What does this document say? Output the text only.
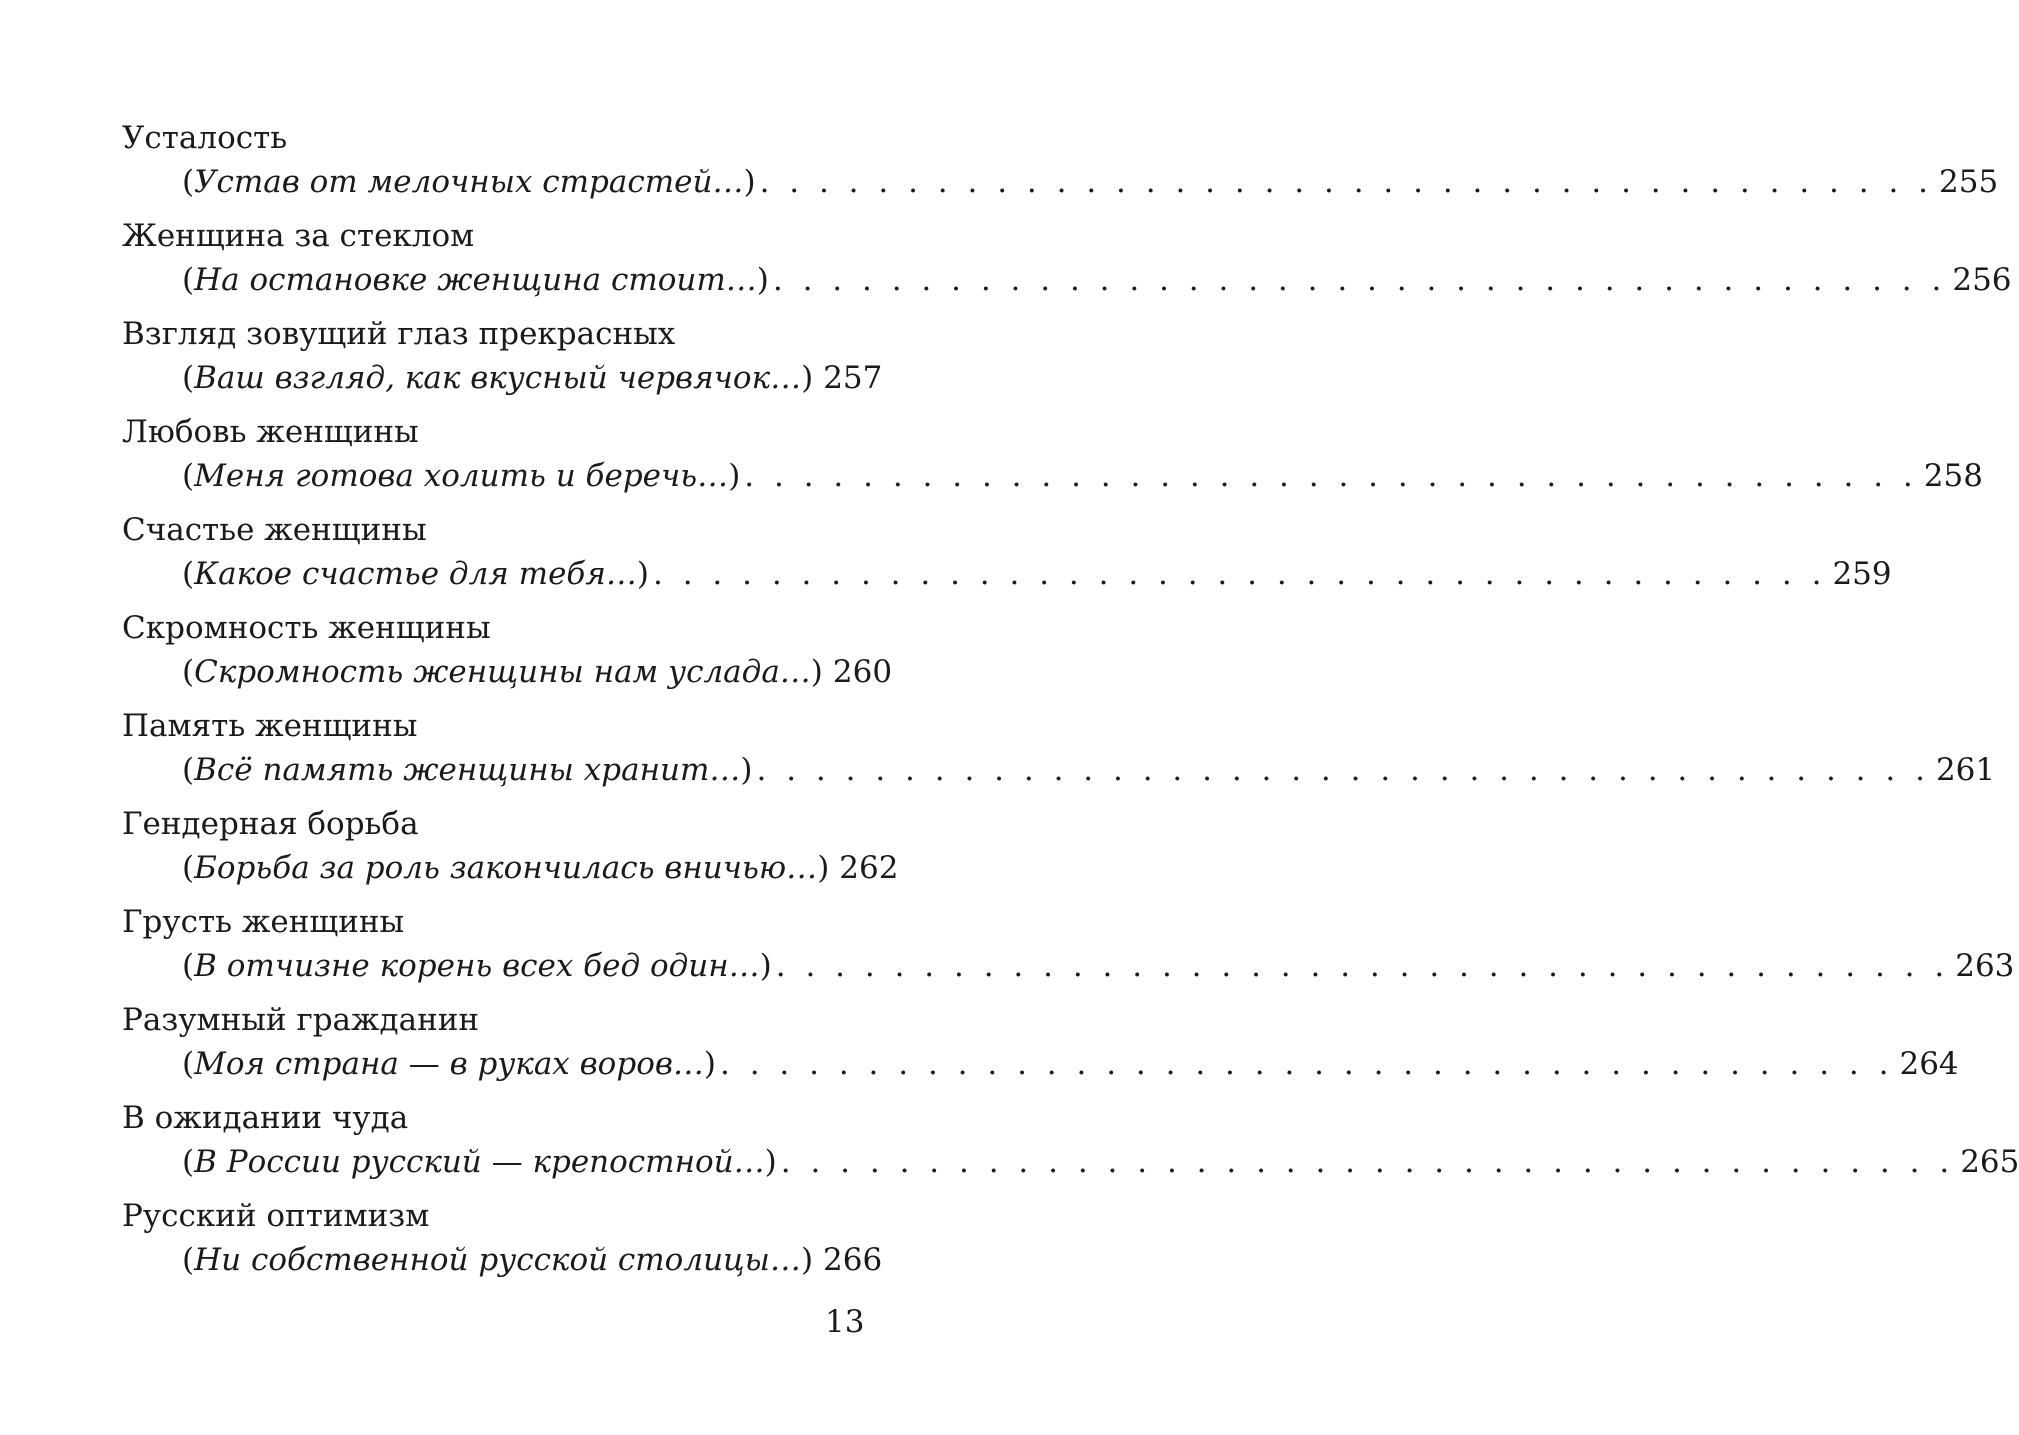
Усталость
(Устав от мелочных страстей…) . . . . . . . . . . . . . . . . . . . . . . . . . . . . . . . . . . . . . . . . 255
Женщина за стеклом
(На остановке женщина стоит…) . . . . . . . . . . . . . . . . . . . . . . . . . . . . . . . . . . . . . . . . 256
Взгляд зовущий глаз прекрасных
(Ваш взгляд, как вкусный червячок…) 257
Любовь женщины
(Меня готова холить и беречь…) . . . . . . . . . . . . . . . . . . . . . . . . . . . . . . . . . . . . . . . . 258
Счастье женщины
(Какое счастье для тебя…) . . . . . . . . . . . . . . . . . . . . . . . . . . . . . . . . . . . . . . . . 259
Скромность женщины
(Скромность женщины нам услада…) 260
Память женщины
(Всё память женщины хранит…) . . . . . . . . . . . . . . . . . . . . . . . . . . . . . . . . . . . . . . . . 261
Гендерная борьба
(Борьба за роль закончилась вничью…) 262
Грусть женщины
(В отчизне корень всех бед один…) . . . . . . . . . . . . . . . . . . . . . . . . . . . . . . . . . . . . . . . . 263
Разумный гражданин
(Моя страна — в руках воров…) . . . . . . . . . . . . . . . . . . . . . . . . . . . . . . . . . . . . . . . . 264
В ожидании чуда
(В России русский — крепостной…) . . . . . . . . . . . . . . . . . . . . . . . . . . . . . . . . . . . . . . . . 265
Русский оптимизм
(Ни собственной русской столицы…) 266
13
